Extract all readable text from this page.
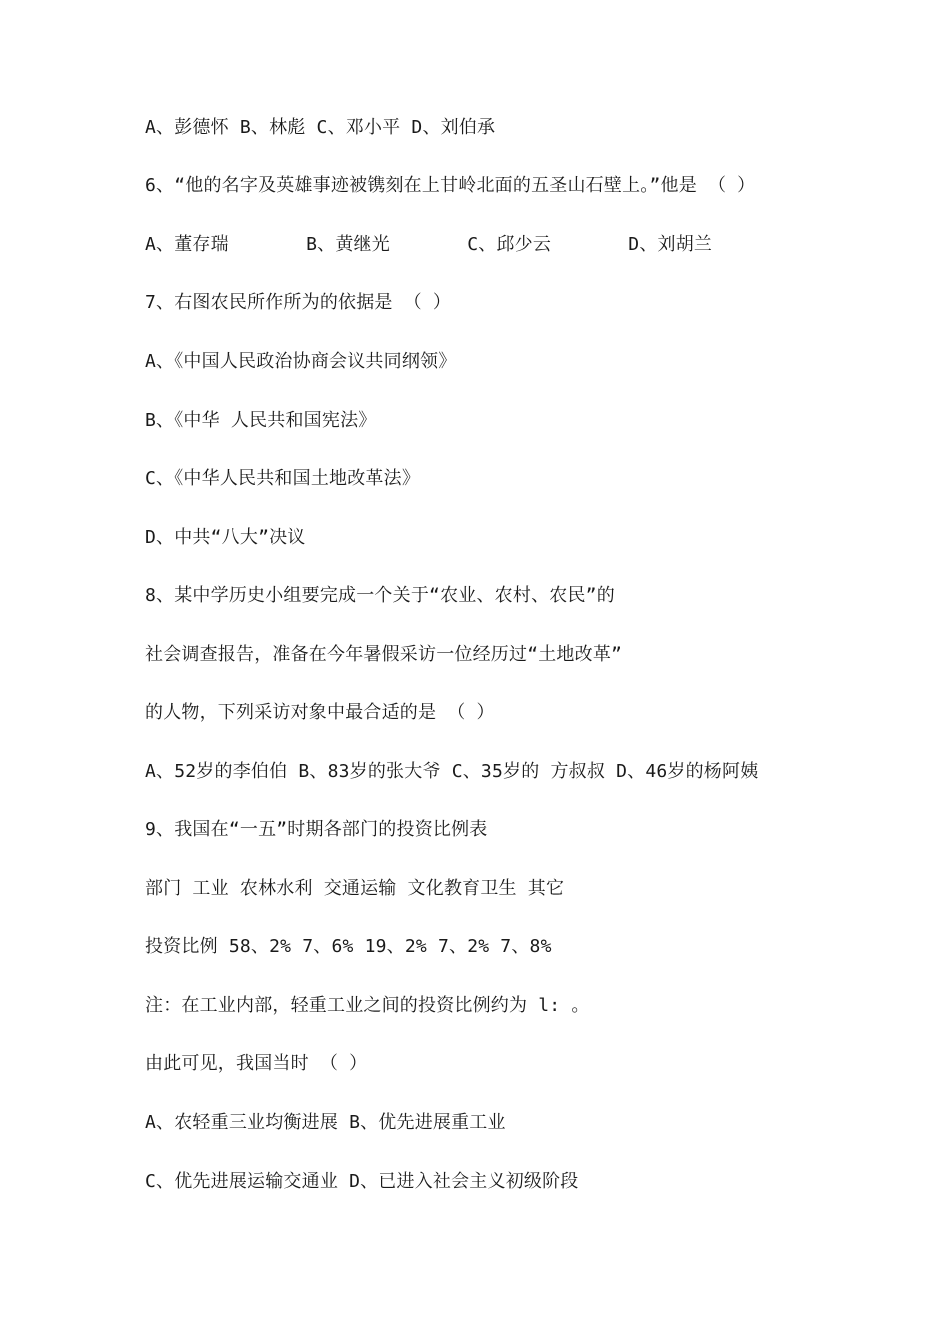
A、彭德怀 B、林彪 C、邓小平 D、刘伯承
6、“他的名字及英雄事迹被镌刻在上甘岭北面的五圣山石壁上。”他是 （ ）
A、董存瑞       B、黄继光       C、邱少云       D、刘胡兰
7、右图农民所作所为的依据是 （ ）
A、《中国人民政治协商会议共同纲领》
B、《中华 人民共和国宪法》
C、《中华人民共和国土地改革法》
D、中共“八大”决议
8、某中学历史小组要完成一个关于“农业、农村、农民”的
社会调查报告，准备在今年暑假采访一位经历过“土地改革”
的人物，下列采访对象中最合适的是 （ ）
A、52岁的李伯伯 B、83岁的张大爷 C、35岁的 方叔叔 D、46岁的杨阿姨
9、我国在“一五”时期各部门的投资比例表
部门 工业 农林水利 交通运输 文化教育卫生 其它
投资比例 58、2% 7、6% 19、2% 7、2% 7、8%
注：在工业内部，轻重工业之间的投资比例约为 l: 。
由此可见，我国当时 （ ）
A、农轻重三业均衡进展 B、优先进展重工业
C、优先进展运输交通业 D、已进入社会主义初级阶段
